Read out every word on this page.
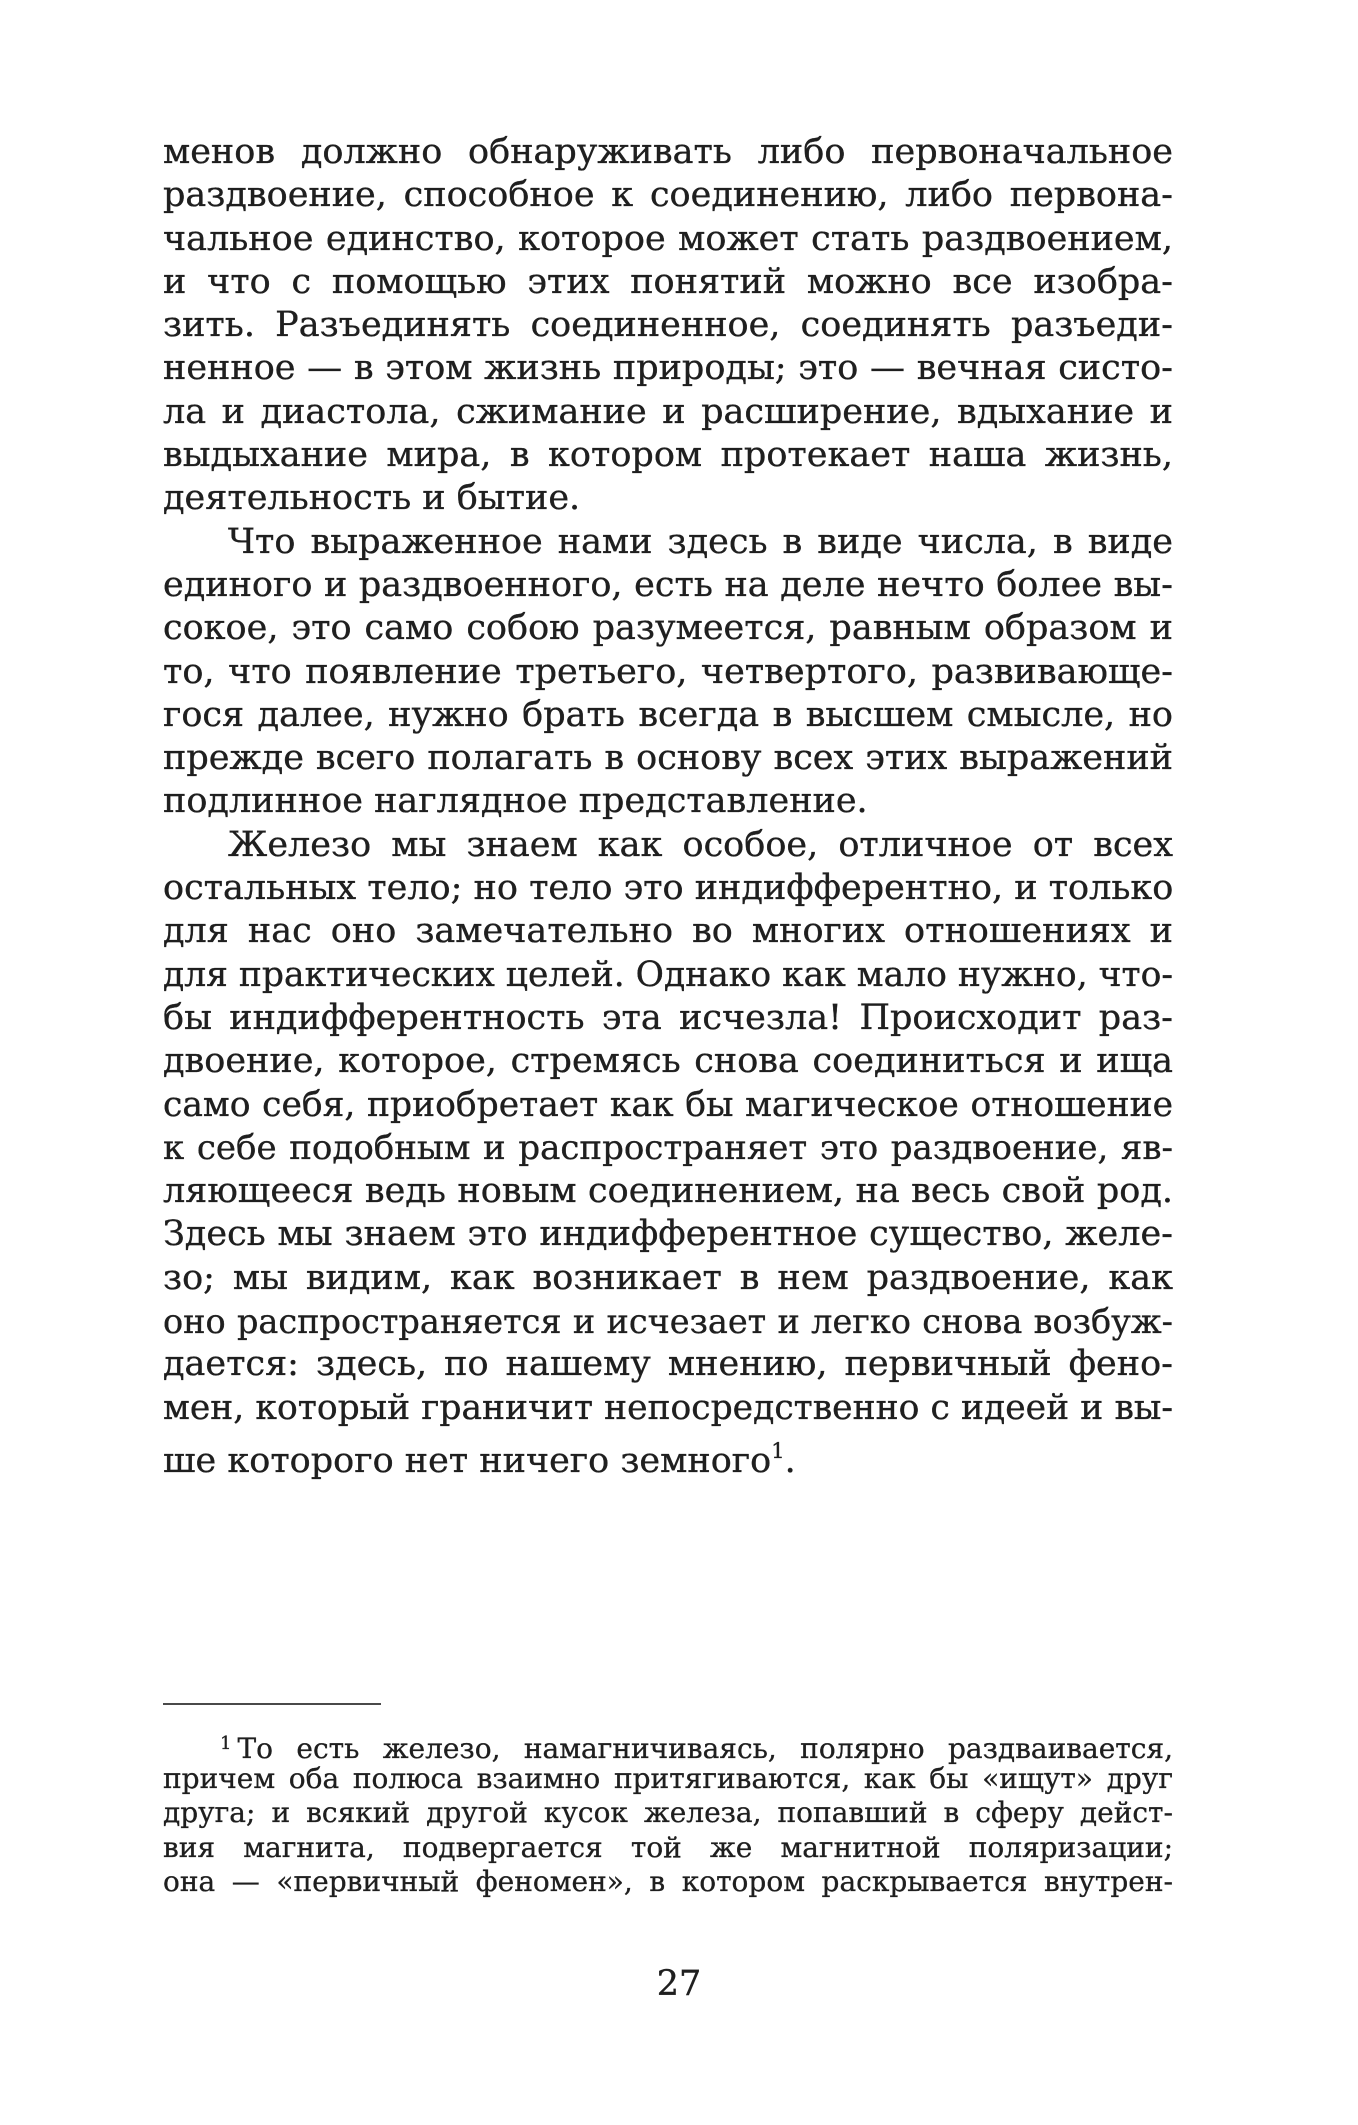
менов должно обнаруживать либо первоначальное
раздвоение, способное к соединению, либо первона-
чальное единство, которое может стать раздвоением,
и что с помощью этих понятий можно все изобра-
зить. Разъединять соединенное, соединять разъеди-
ненное — в этом жизнь природы; это — вечная систо-
ла и диастола, сжимание и расширение, вдыхание и
выдыхание мира, в котором протекает наша жизнь,
деятельность и бытие.
Что выраженное нами здесь в виде числа, в виде
единого и раздвоенного, есть на деле нечто более вы-
сокое, это само собою разумеется, равным образом и
то, что появление третьего, четвертого, развивающе-
гося далее, нужно брать всегда в высшем смысле, но
прежде всего полагать в основу всех этих выражений
подлинное наглядное представление.
Железо мы знаем как особое, отличное от всех
остальных тело; но тело это индифферентно, и только
для нас оно замечательно во многих отношениях и
для практических целей. Однако как мало нужно, что-
бы индифферентность эта исчезла! Происходит раз-
двоение, которое, стремясь снова соединиться и ища
само себя, приобретает как бы магическое отношение
к себе подобным и распространяет это раздвоение, яв-
ляющееся ведь новым соединением, на весь свой род.
Здесь мы знаем это индифферентное существо, желе-
зо; мы видим, как возникает в нем раздвоение, как
оно распространяется и исчезает и легко снова возбуж-
дается: здесь, по нашему мнению, первичный фено-
мен, который граничит непосредственно с идеей и вы-
ше которого нет ничего земного$^1$.
$^1$ То есть железо, намагничиваясь, полярно раздваивается,
причем оба полюса взаимно притягиваются, как бы «ищут» друг
друга; и всякий другой кусок железа, попавший в сферу дейст-
вия магнита, подвергается той же магнитной поляризации;
она — «первичный феномен», в котором раскрывается внутрен-
27
